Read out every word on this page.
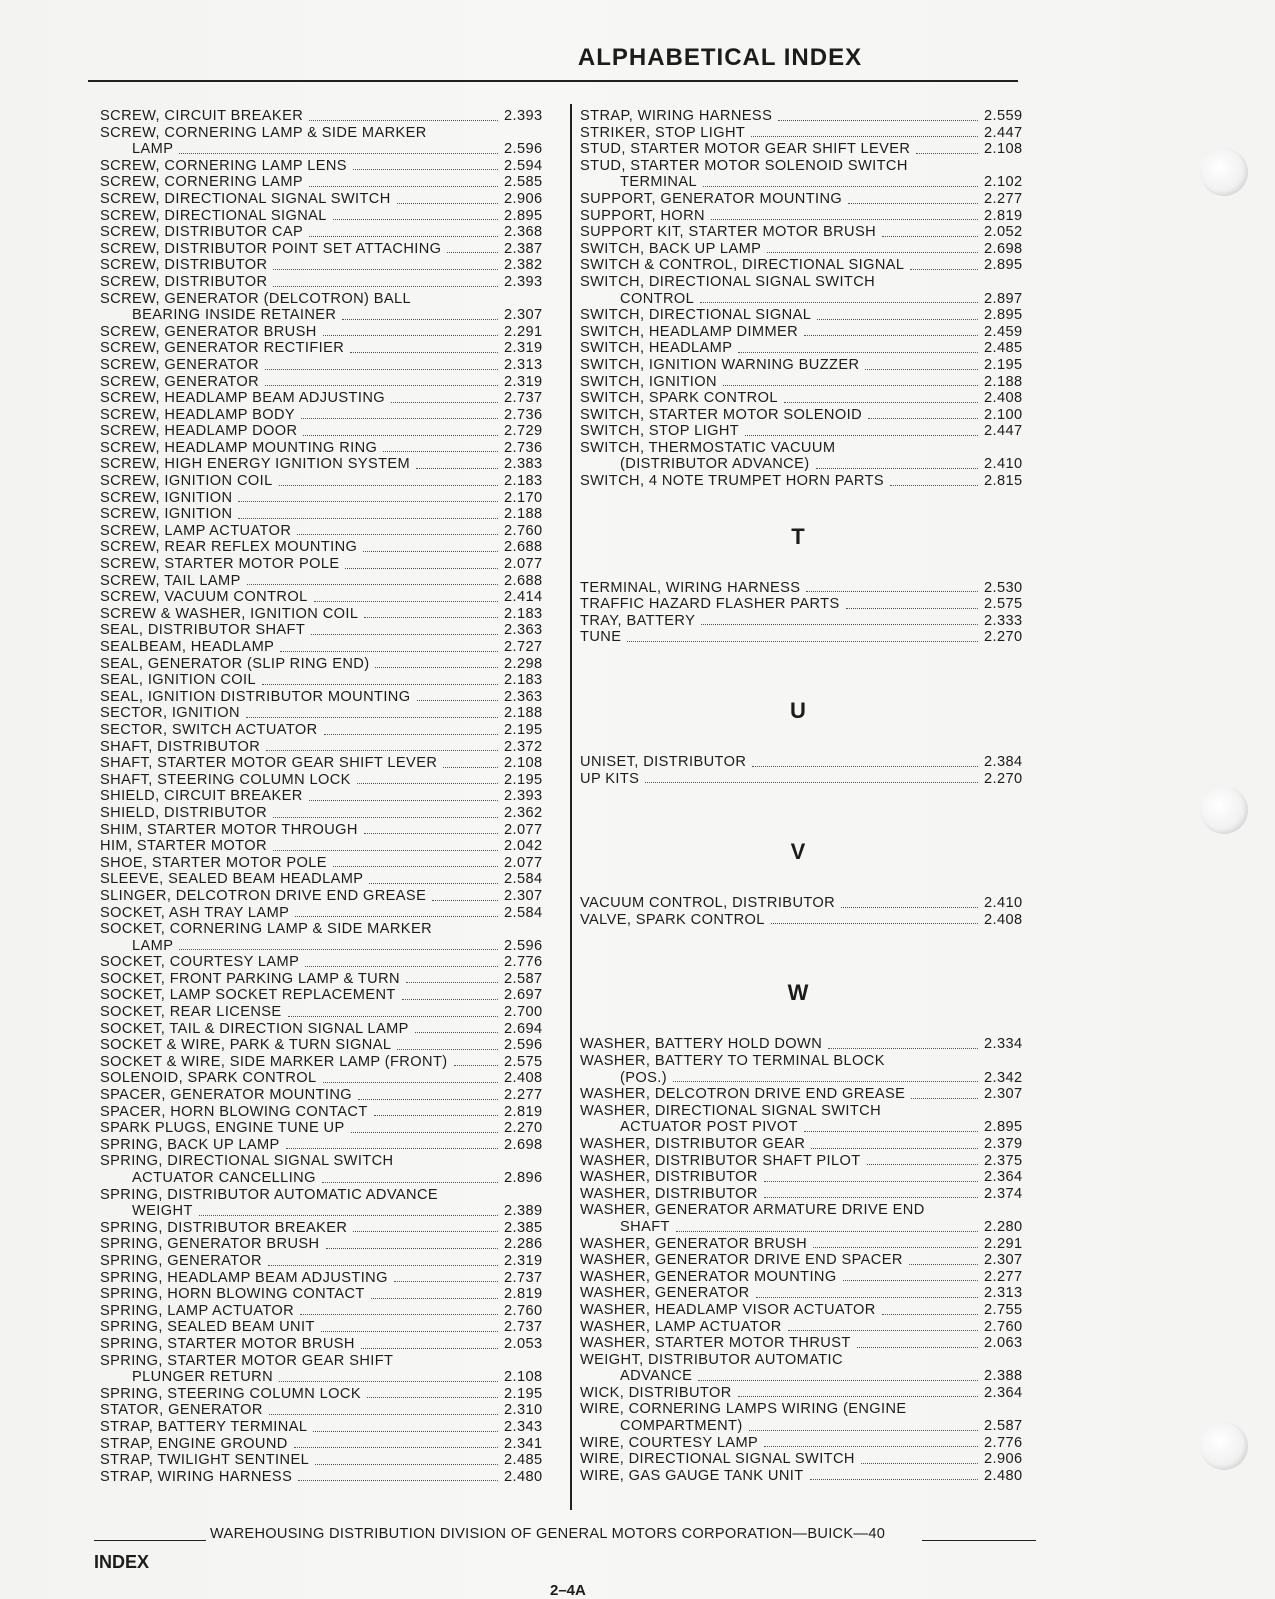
ALPHABETICAL INDEX
SCREW, CIRCUIT BREAKER	2.393
SCREW, CORNERING LAMP & SIDE MARKER
LAMP	2.596
SCREW, CORNERING LAMP LENS	2.594
SCREW, CORNERING LAMP	2.585
SCREW, DIRECTIONAL SIGNAL SWITCH	2.906
SCREW, DIRECTIONAL SIGNAL	2.895
SCREW, DISTRIBUTOR CAP	2.368
SCREW, DISTRIBUTOR POINT SET ATTACHING	2.387
SCREW, DISTRIBUTOR	2.382
SCREW, DISTRIBUTOR	2.393
SCREW, GENERATOR (DELCOTRON) BALL
BEARING INSIDE RETAINER	2.307
SCREW, GENERATOR BRUSH	2.291
SCREW, GENERATOR RECTIFIER	2.319
SCREW, GENERATOR	2.313
SCREW, GENERATOR	2.319
SCREW, HEADLAMP BEAM ADJUSTING	2.737
SCREW, HEADLAMP BODY	2.736
SCREW, HEADLAMP DOOR	2.729
SCREW, HEADLAMP MOUNTING RING	2.736
SCREW, HIGH ENERGY IGNITION SYSTEM	2.383
SCREW, IGNITION COIL	2.183
SCREW, IGNITION	2.170
SCREW, IGNITION	2.188
SCREW, LAMP ACTUATOR	2.760
SCREW, REAR REFLEX MOUNTING	2.688
SCREW, STARTER MOTOR POLE	2.077
SCREW, TAIL LAMP	2.688
SCREW, VACUUM CONTROL	2.414
SCREW & WASHER, IGNITION COIL	2.183
SEAL, DISTRIBUTOR SHAFT	2.363
SEALBEAM, HEADLAMP	2.727
SEAL, GENERATOR (SLIP RING END)	2.298
SEAL, IGNITION COIL	2.183
SEAL, IGNITION DISTRIBUTOR MOUNTING	2.363
SECTOR, IGNITION	2.188
SECTOR, SWITCH ACTUATOR	2.195
SHAFT, DISTRIBUTOR	2.372
SHAFT, STARTER MOTOR GEAR SHIFT LEVER	2.108
SHAFT, STEERING COLUMN LOCK	2.195
SHIELD, CIRCUIT BREAKER	2.393
SHIELD, DISTRIBUTOR	2.362
SHIM, STARTER MOTOR THROUGH	2.077
HIM, STARTER MOTOR	2.042
SHOE, STARTER MOTOR POLE	2.077
SLEEVE, SEALED BEAM HEADLAMP	2.584
SLINGER, DELCOTRON DRIVE END GREASE	2.307
SOCKET, ASH TRAY LAMP	2.584
SOCKET, CORNERING LAMP & SIDE MARKER
LAMP	2.596
SOCKET, COURTESY LAMP	2.776
SOCKET, FRONT PARKING LAMP & TURN	2.587
SOCKET, LAMP SOCKET REPLACEMENT	2.697
SOCKET, REAR LICENSE	2.700
SOCKET, TAIL & DIRECTION SIGNAL LAMP	2.694
SOCKET & WIRE, PARK & TURN SIGNAL	2.596
SOCKET & WIRE, SIDE MARKER LAMP (FRONT)	2.575
SOLENOID, SPARK CONTROL	2.408
SPACER, GENERATOR MOUNTING	2.277
SPACER, HORN BLOWING CONTACT	2.819
SPARK PLUGS, ENGINE TUNE UP	2.270
SPRING, BACK UP LAMP	2.698
SPRING, DIRECTIONAL SIGNAL SWITCH
ACTUATOR CANCELLING	2.896
SPRING, DISTRIBUTOR AUTOMATIC ADVANCE
WEIGHT	2.389
SPRING, DISTRIBUTOR BREAKER	2.385
SPRING, GENERATOR BRUSH	2.286
SPRING, GENERATOR	2.319
SPRING, HEADLAMP BEAM ADJUSTING	2.737
SPRING, HORN BLOWING CONTACT	2.819
SPRING, LAMP ACTUATOR	2.760
SPRING, SEALED BEAM UNIT	2.737
SPRING, STARTER MOTOR BRUSH	2.053
SPRING, STARTER MOTOR GEAR SHIFT
PLUNGER RETURN	2.108
SPRING, STEERING COLUMN LOCK	2.195
STATOR, GENERATOR	2.310
STRAP, BATTERY TERMINAL	2.343
STRAP, ENGINE GROUND	2.341
STRAP, TWILIGHT SENTINEL	2.485
STRAP, WIRING HARNESS	2.480
STRAP, WIRING HARNESS	2.559
STRIKER, STOP LIGHT	2.447
STUD, STARTER MOTOR GEAR SHIFT LEVER	2.108
STUD, STARTER MOTOR SOLENOID SWITCH
TERMINAL	2.102
SUPPORT, GENERATOR MOUNTING	2.277
SUPPORT, HORN	2.819
SUPPORT KIT, STARTER MOTOR BRUSH	2.052
SWITCH, BACK UP LAMP	2.698
SWITCH & CONTROL, DIRECTIONAL SIGNAL	2.895
SWITCH, DIRECTIONAL SIGNAL SWITCH
CONTROL	2.897
SWITCH, DIRECTIONAL SIGNAL	2.895
SWITCH, HEADLAMP DIMMER	2.459
SWITCH, HEADLAMP	2.485
SWITCH, IGNITION WARNING BUZZER	2.195
SWITCH, IGNITION	2.188
SWITCH, SPARK CONTROL	2.408
SWITCH, STARTER MOTOR SOLENOID	2.100
SWITCH, STOP LIGHT	2.447
SWITCH, THERMOSTATIC VACUUM
(DISTRIBUTOR ADVANCE)	2.410
SWITCH, 4 NOTE TRUMPET HORN PARTS	2.815
T
TERMINAL, WIRING HARNESS	2.530
TRAFFIC HAZARD FLASHER PARTS	2.575
TRAY, BATTERY	2.333
TUNE	2.270
U
UNISET, DISTRIBUTOR	2.384
UP KITS	2.270
V
VACUUM CONTROL, DISTRIBUTOR	2.410
VALVE, SPARK CONTROL	2.408
W
WASHER, BATTERY HOLD DOWN	2.334
WASHER, BATTERY TO TERMINAL BLOCK
(POS.)	2.342
WASHER, DELCOTRON DRIVE END GREASE	2.307
WASHER, DIRECTIONAL SIGNAL SWITCH
ACTUATOR POST PIVOT	2.895
WASHER, DISTRIBUTOR GEAR	2.379
WASHER, DISTRIBUTOR SHAFT PILOT	2.375
WASHER, DISTRIBUTOR	2.364
WASHER, DISTRIBUTOR	2.374
WASHER, GENERATOR ARMATURE DRIVE END
SHAFT	2.280
WASHER, GENERATOR BRUSH	2.291
WASHER, GENERATOR DRIVE END SPACER	2.307
WASHER, GENERATOR MOUNTING	2.277
WASHER, GENERATOR	2.313
WASHER, HEADLAMP VISOR ACTUATOR	2.755
WASHER, LAMP ACTUATOR	2.760
WASHER, STARTER MOTOR THRUST	2.063
WEIGHT, DISTRIBUTOR AUTOMATIC
ADVANCE	2.388
WICK, DISTRIBUTOR	2.364
WIRE, CORNERING LAMPS WIRING (ENGINE
COMPARTMENT)	2.587
WIRE, COURTESY LAMP	2.776
WIRE, DIRECTIONAL SIGNAL SWITCH	2.906
WIRE, GAS GAUGE TANK UNIT	2.480
WAREHOUSING DISTRIBUTION DIVISION OF GENERAL MOTORS CORPORATION—BUICK—40
INDEX
2–4A
